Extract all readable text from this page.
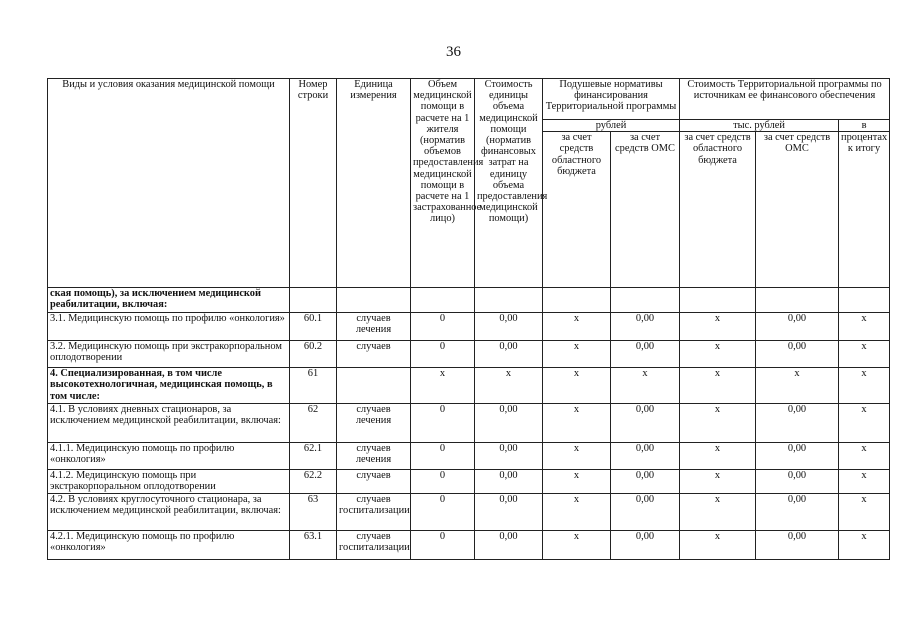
36
Виды и условия оказания медицинской помощи	Номер строки	Единица измерения	Объем медицинской помощи в расчете на 1 жителя (норматив объемов предоставления медицинской помощи в расчете на 1 застрахованное лицо)	Стоимость единицы объема медицинской помощи (норматив финансовых затрат на единицу объема предоставления медицинской помощи)	Подушевые нормативы финансирования Территориальной программы		Стоимость Территориальной программы по источникам ее финансового обеспечения		
					рублей		тыс. рублей		в
					за счет средств областного бюджета	за счет средств ОМС	за счет средств областного бюджета	за счет средств ОМС	процентах к итогу
ская помощь), за исключением медицинской реабилитации, включая:									
3.1. Медицинскую помощь по профилю «онкология»	60.1	случаев лечения	0	0,00	x	0,00	x	0,00	x
3.2. Медицинскую помощь при экстракорпоральном оплодотворении	60.2	случаев	0	0,00	x	0,00	x	0,00	x
4. Специализированная, в том числе высокотехнологичная, медицинская помощь, в том числе:	61		x	x	x	x	x	x	x
4.1. В условиях дневных стационаров, за исключением медицинской реабилитации, включая:	62	случаев лечения	0	0,00	x	0,00	x	0,00	x
4.1.1. Медицинскую помощь по профилю «онкология»	62.1	случаев лечения	0	0,00	x	0,00	x	0,00	x
4.1.2. Медицинскую помощь при экстракорпоральном оплодотворении	62.2	случаев	0	0,00	x	0,00	x	0,00	x
4.2. В условиях круглосуточного стационара, за исключением медицинской реабилитации, включая:	63	случаев госпитализации	0	0,00	x	0,00	x	0,00	x
4.2.1. Медицинскую помощь по профилю «онкология»	63.1	случаев госпитализации	0	0,00	x	0,00	x	0,00	x
